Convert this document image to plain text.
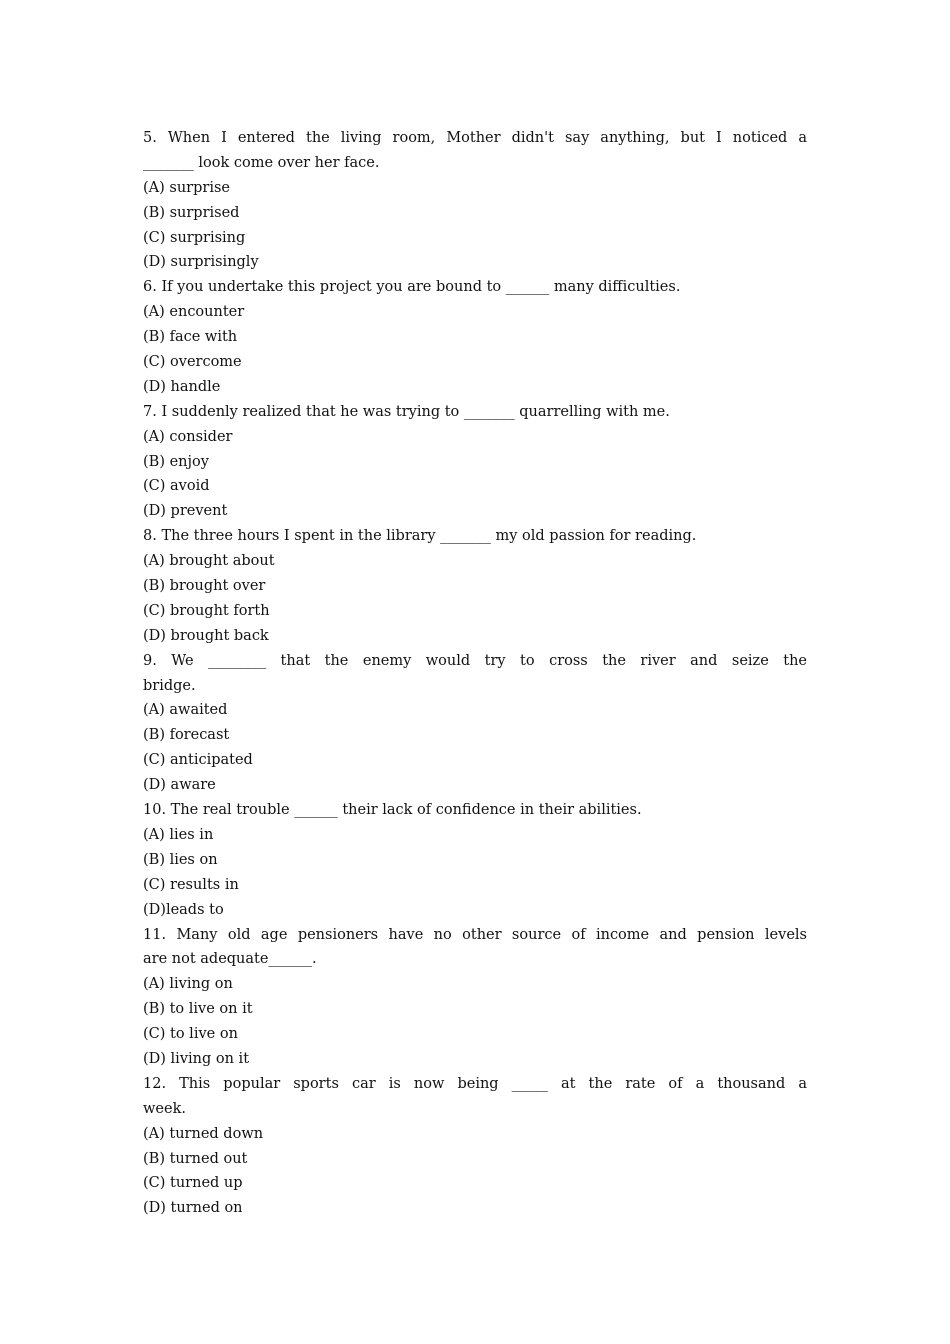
5. When I entered the living room, Mother didn't say anything, but I noticed a
_______ look come over her face.
(A) surprise
(B) surprised
(C) surprising
(D) surprisingly
6. If you undertake this project you are bound to ______ many difficulties.
(A) encounter
(B) face with
(C) overcome
(D) handle
7. I suddenly realized that he was trying to _______ quarrelling with me.
(A) consider
(B) enjoy
(C) avoid
(D) prevent
8. The three hours I spent in the library _______ my old passion for reading.
(A) brought about
(B) brought over
(C) brought forth
(D) brought back
9. We ________ that the enemy would try to cross the river and seize the
bridge.
(A) awaited
(B) forecast
(C) anticipated
(D) aware
10. The real trouble ______ their lack of confidence in their abilities.
(A) lies in
(B) lies on
(C) results in
(D)leads to
11. Many old age pensioners have no other source of income and pension levels
are not adequate______.
(A) living on
(B) to live on it
(C) to live on
(D) living on it
12. This popular sports car is now being _____ at the rate of a thousand a
week.
(A) turned down
(B) turned out
(C) turned up
(D) turned on
